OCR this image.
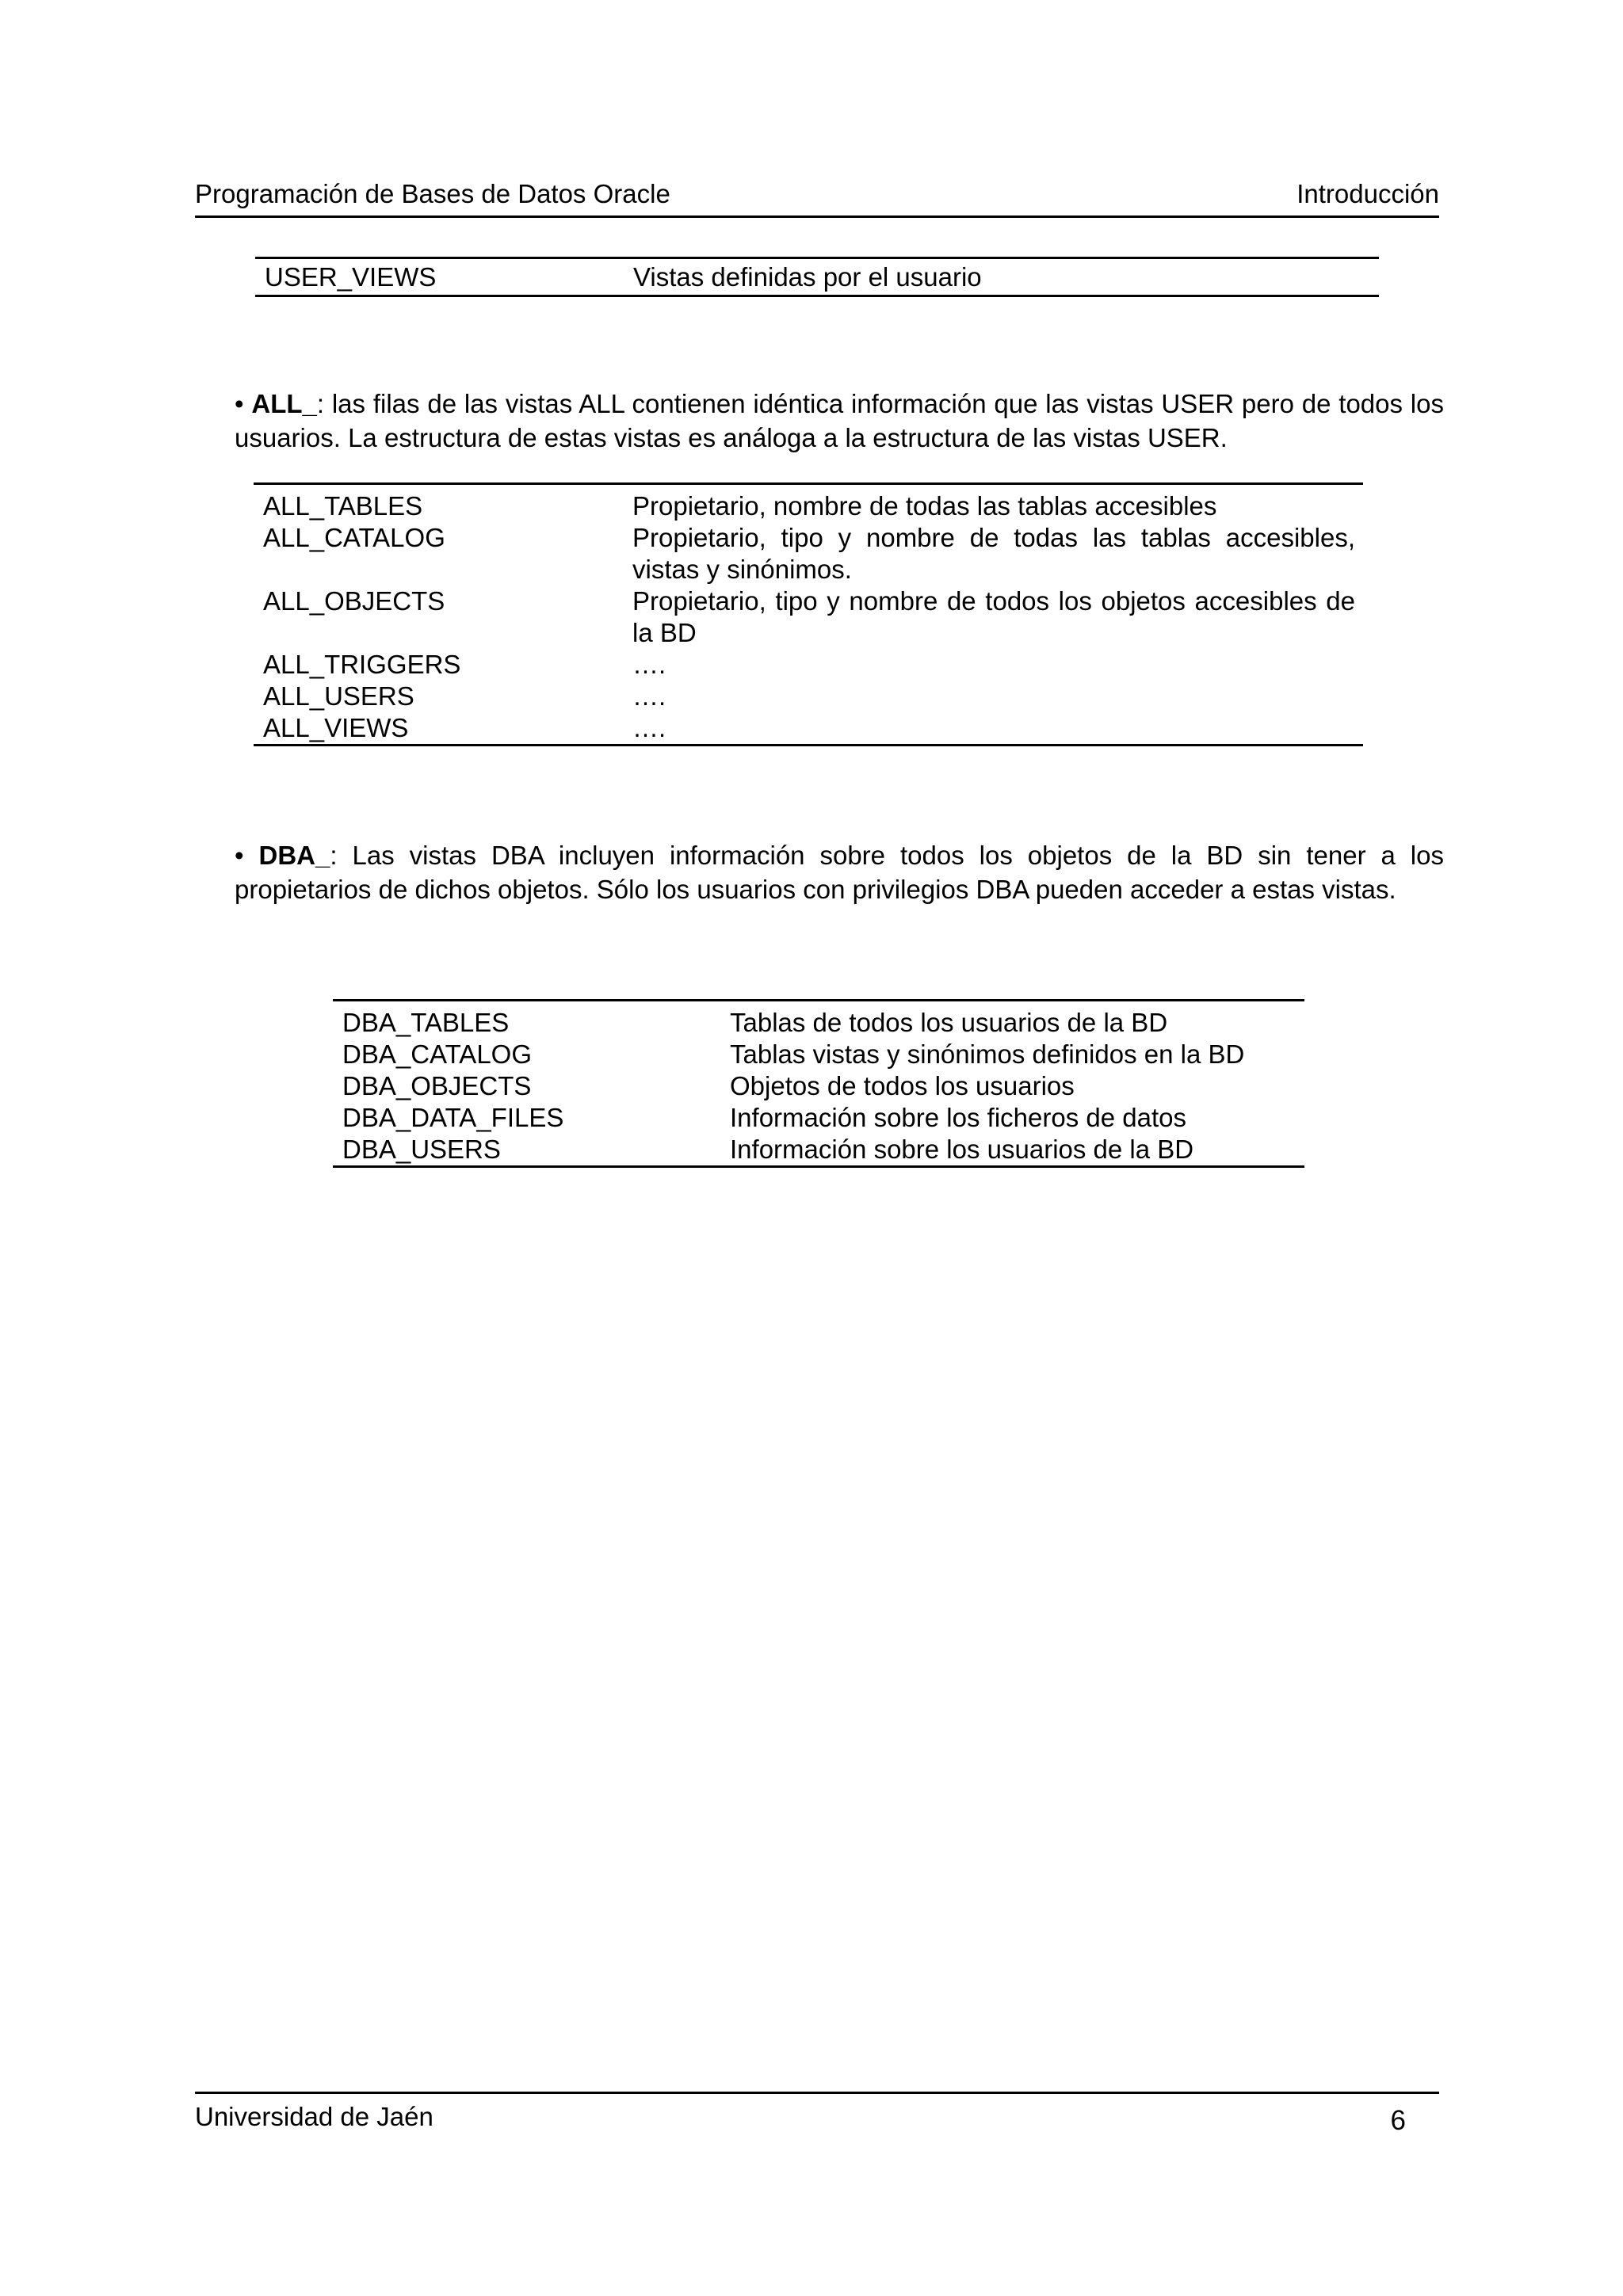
Programación de Bases de Datos Oracle	Introducción
USER_VIEWS	Vistas definidas por el usuario
• ALL_: las filas de las vistas ALL contienen idéntica información que las vistas USER pero de todos los usuarios. La estructura de estas vistas es análoga a la estructura de las vistas USER.
ALL_TABLES	Propietario, nombre de todas las tablas accesibles
ALL_CATALOG	Propietario, tipo y nombre de todas las tablas accesibles, vistas y sinónimos.
ALL_OBJECTS	Propietario, tipo y nombre de todos los objetos accesibles de la BD
ALL_TRIGGERS	….
ALL_USERS	….
ALL_VIEWS	….
• DBA_: Las vistas DBA incluyen información sobre todos los objetos de la BD sin tener a los propietarios de dichos objetos. Sólo los usuarios con privilegios DBA pueden acceder a estas vistas.
DBA_TABLES	Tablas de todos los usuarios de la BD
DBA_CATALOG	Tablas vistas y sinónimos definidos en la BD
DBA_OBJECTS	Objetos de todos los usuarios
DBA_DATA_FILES	Información sobre los ficheros de datos
DBA_USERS	Información sobre los usuarios de la BD
Universidad de Jaén	6
